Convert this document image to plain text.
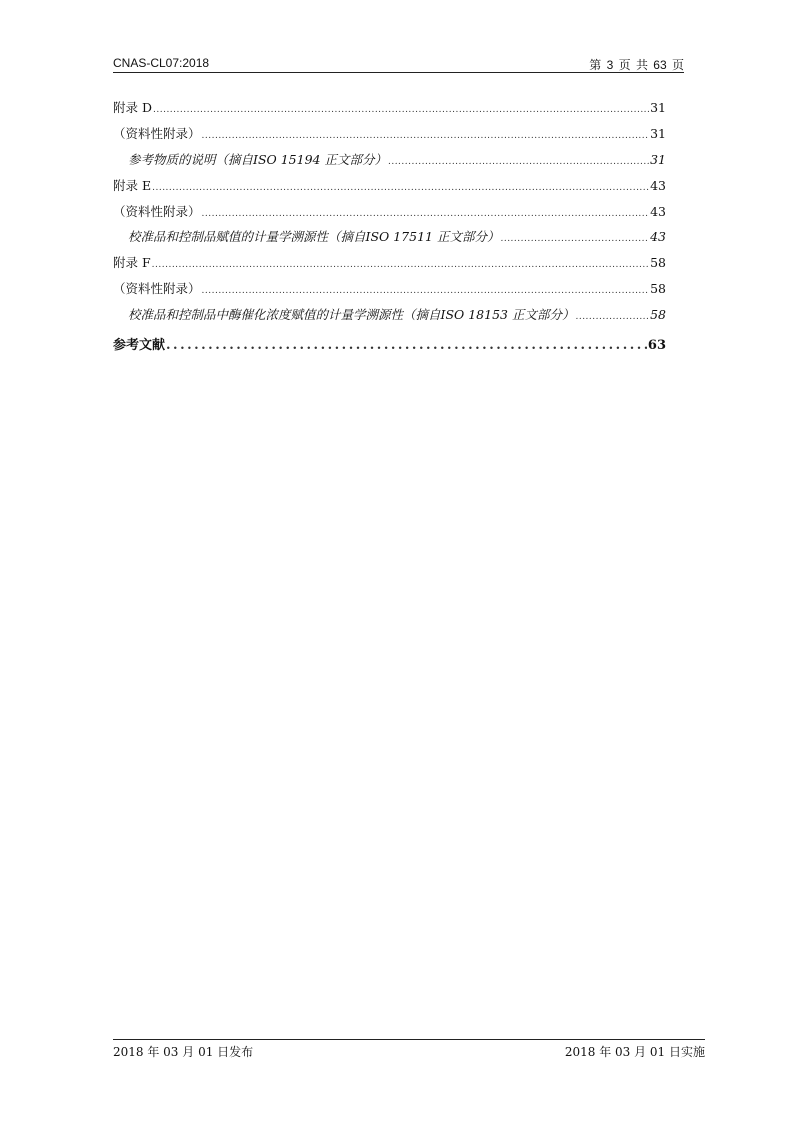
CNAS-CL07:2018	第 3 页 共 63 页
附录 D .....	31
（资料性附录） .....	31
参考物质的说明（摘自ISO 15194 正文部分） .....	31
附录 E .....	43
（资料性附录） .....	43
校准品和控制品赋值的计量学溯源性（摘自ISO 17511 正文部分） .....	43
附录 F .....	58
（资料性附录） .....	58
校准品和控制品中酶催化浓度赋值的计量学溯源性（摘自ISO 18153 正文部分） .....	58
参考文献 .....	63
2018 年 03 月 01 日发布	2018 年 03 月 01 日实施
